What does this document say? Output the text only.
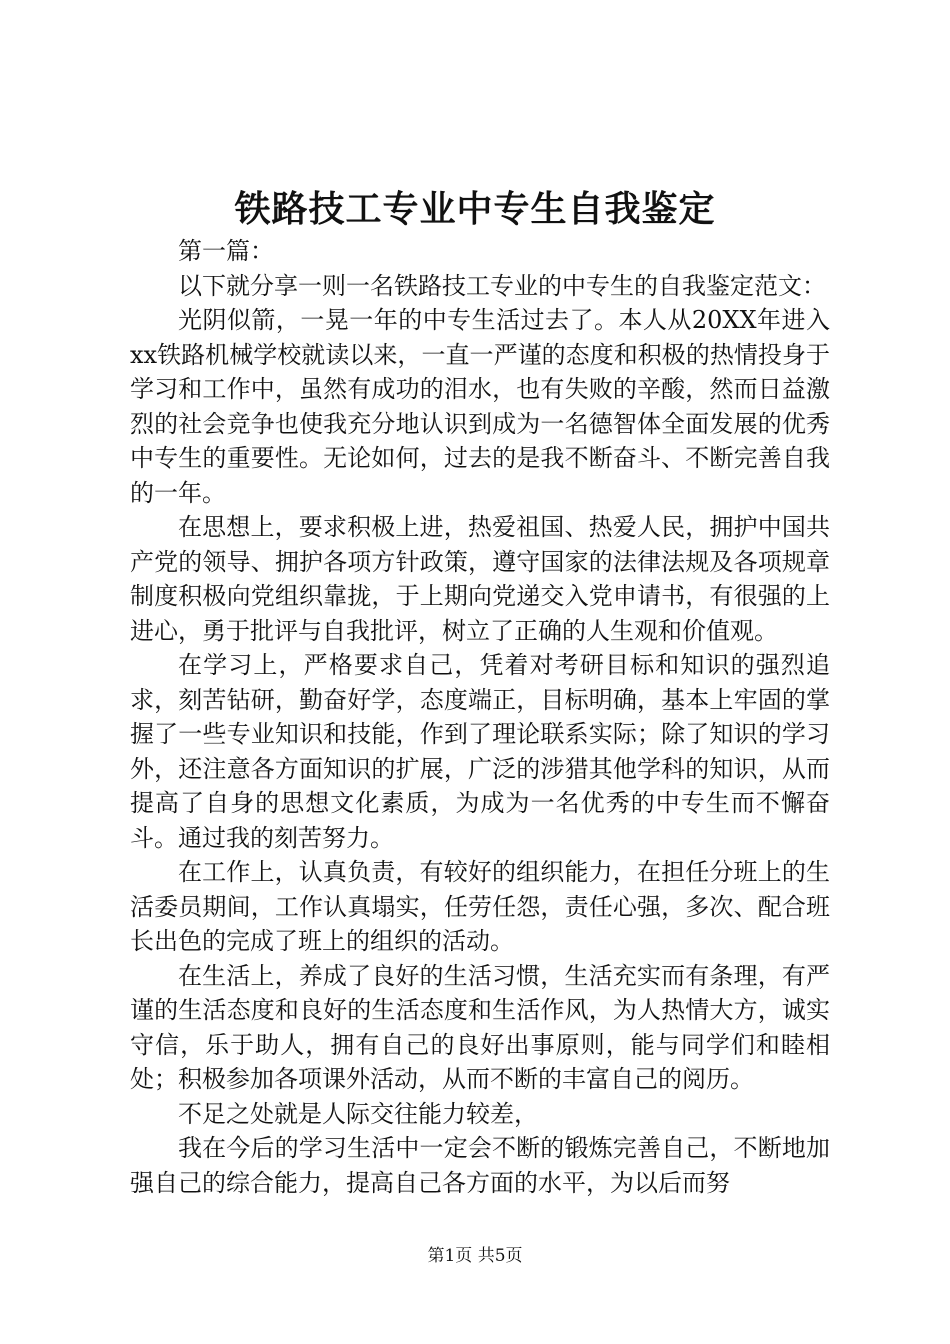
铁路技工专业中专生自我鉴定

第一篇：

以下就分享一则一名铁路技工专业的中专生的自我鉴定范文：

光阴似箭，一晃一年的中专生活过去了。本人从20XX年进入xx铁路机械学校就读以来，一直一严谨的态度和积极的热情投身于学习和工作中，虽然有成功的泪水，也有失败的辛酸，然而日益激烈的社会竞争也使我充分地认识到成为一名德智体全面发展的优秀中专生的重要性。无论如何，过去的是我不断奋斗、不断完善自我的一年。

在思想上，要求积极上进，热爱祖国、热爱人民，拥护中国共产党的领导、拥护各项方针政策，遵守国家的法律法规及各项规章制度积极向党组织靠拢，于上期向党递交入党申请书，有很强的上进心，勇于批评与自我批评，树立了正确的人生观和价值观。

在学习上，严格要求自己，凭着对考研目标和知识的强烈追求，刻苦钻研，勤奋好学，态度端正，目标明确，基本上牢固的掌握了一些专业知识和技能，作到了理论联系实际；除了知识的学习外，还注意各方面知识的扩展，广泛的涉猎其他学科的知识，从而提高了自身的思想文化素质，为成为一名优秀的中专生而不懈奋斗。通过我的刻苦努力。

在工作上，认真负责，有较好的组织能力，在担任分班上的生活委员期间，工作认真塌实，任劳任怨，责任心强，多次、配合班长出色的完成了班上的组织的活动。

在生活上，养成了良好的生活习惯，生活充实而有条理，有严谨的生活态度和良好的生活态度和生活作风，为人热情大方，诚实守信，乐于助人，拥有自己的良好出事原则，能与同学们和睦相处；积极参加各项课外活动，从而不断的丰富自己的阅历。

不足之处就是人际交往能力较差，

我在今后的学习生活中一定会不断的锻炼完善自己，不断地加强自己的综合能力，提高自己各方面的水平，为以后而努

第1页 共5页
